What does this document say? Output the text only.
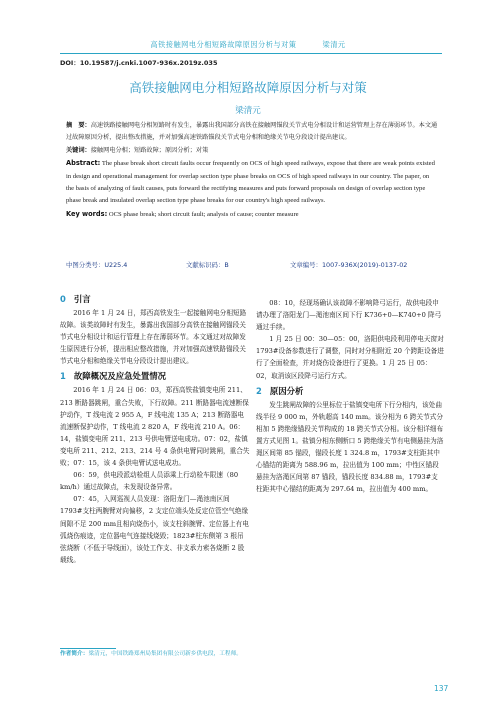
高铁接触网电分相短路故障原因分析与对策	梁清元
DOI：10.19587/j.cnki.1007-936x.2019z.035
高铁接触网电分相短路故障原因分析与对策
梁清元

摘　要：高速铁路接触网电分相短路时有发生，暴露出我国部分高铁在接触网锚段关节式电分相设计和运营管理上存在薄弱环节。本文通过故障原因分析，提出整改措施，并对加强高速铁路锚段关节式电分相和绝缘关节电分段设计提出建议。

关键词：接触网电分相；短路故障；原因分析；对策

Abstract: The phase break short circuit faults occur frequently on OCS of high speed railways, expose that there are weak points existed in design and operational management for overlap section type phase breaks on OCS of high speed railways in our country. The paper, on the basis of analyzing of fault causes, puts forward the rectifying measures and puts forward proposals on design of overlap section type phase break and insulated overlap section type phase breaks for our country's high speed railways.

Key words: OCS phase break; short circuit fault; analysis of cause; counter measure

中图分类号：U225.4	文献标识码：B	文章编号：1007-936X(2019)-0137-02
0 引言

2016 年 1 月 24 日，郑西高铁发生一起接触网电分相短路故障。该类故障时有发生，暴露出我国部分高铁在接触网锚段关节式电分相设计和运行管理上存在薄弱环节。本文通过对故障发生原因进行分析，提出相应整改措施，并对加强高速铁路锚段关节式电分相和绝缘关节电分段设计提出建议。

1 故障概况及应急处置情况

2016 年 1 月 24 日 06：03，郑西高铁盐镇变电所 211、213 断路器跳闸，重合失败，下行故障。211 断路器电流速断保护动作，T 线电流 2 955 A，F 线电流 135 A；213 断路器电流速断保护动作，T 线电流 2 820 A，F 线电流 210 A。06：14，盐镇变电所 211、213 号供电臂送电成功。07：02，盐镇变电所 211、212、213、214 号 4 条供电臂同时跳闸，重合失败；07：15，该 4 条供电臂试送电成功。

06：59，供电段派动检组人员添乘上行动检车限速（80 km/h）通过故障点，未发现设备异常。

07：45，入网巡视人员发现：洛阳龙门—渑池南区间 1793#支柱两腕臂对向偏移，2 支定位端头处反定位管空气绝缘间隙不足 200 mm且相向烧伤小，该支柱斜腕臂、定位器上有电弧烧伤痕迹，定位器电气连接线烧毁；1823#柱东侧第 3 根吊弦烧断（不低于导线面），该处工作支、非支承力索各烧断 2 股载线。

08：10，经现场确认该故障不影响降弓运行，故供电段申请办理了洛阳龙门—渑池南区间下行 K736+0—K740+0 降弓通过手续。

1 月 25 日 00：30—05：00，洛阳供电段利用停电天窗对 1793#设备参数进行了调整，同时对分相附近 20 个跨距设备进行了全面检查，并对烧伤设备进行了更换。1 月 25 日 05：02，取消该区段降弓运行方式。

2 原因分析

发生跳闸故障的公里标位于盐镇变电所下行分相内，该处曲线半径 9 000 m，外轨超高 140 mm。该分相为 6 跨关节式分相加 5 跨绝缘锚段关节构成的 18 跨关节式分相。该分相详细布置方式见图 1。盐镇分相东侧断口 5 跨绝缘关节有电侧悬挂为洛渑区间第 85 锚段，锚段长度 1 324.8 m，1793#支柱距其中心锚结的距离为 588.96 m，拉出值为 100 mm；中性区锚段悬挂为洛渑区间第 87 锚段，锚段长度 834.88 m，1793#支柱距其中心锚结的距离为 297.64 m，拉出值为 400 mm。

作者简介：梁清元，中国铁路郑州局集团有限公司新乡供电段，工程师。
137
